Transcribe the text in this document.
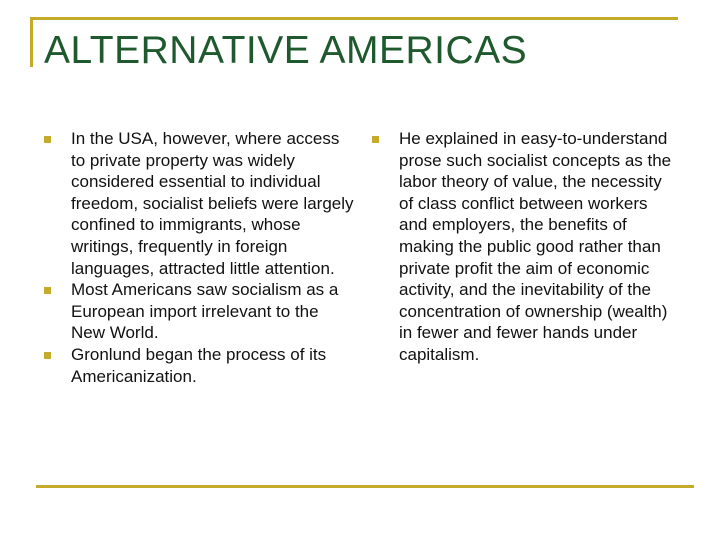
ALTERNATIVE AMERICAS
In the USA, however, where access to private property was widely considered essential to individual freedom, socialist beliefs were largely confined to immigrants, whose writings, frequently in foreign languages, attracted little attention.
Most Americans saw socialism as a European import irrelevant to the New World.
Gronlund began the process of its Americanization.
He explained in easy-to-understand prose such socialist concepts as the labor theory of value, the necessity of class conflict between workers and employers, the benefits of making the public good rather than private profit the aim of economic activity, and the inevitability of the concentration of ownership (wealth) in fewer and fewer hands under capitalism.
